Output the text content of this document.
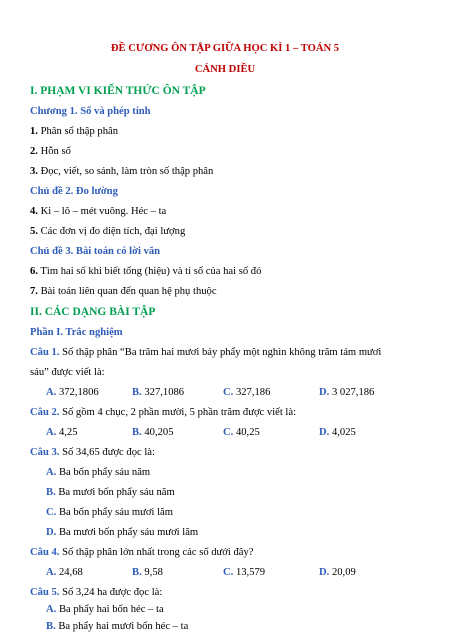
ĐỀ CƯƠNG ÔN TẬP GIỮA HỌC KÌ 1 – TOÁN 5
CÁNH DIỀU
I. PHẠM VI KIẾN THỨC ÔN TẬP
Chương 1. Số và phép tính
1. Phân số thập phân
2. Hỗn số
3. Đọc, viết, so sánh, làm tròn số thập phân
Chủ đề 2. Đo lường
4. Ki – lô – mét vuông. Héc – ta
5. Các đơn vị đo diện tích, đại lượng
Chủ đề 3. Bài toán có lời văn
6. Tìm hai số khi biết tổng (hiệu) và tỉ số của hai số đó
7. Bài toán liên quan đến quan hệ phụ thuộc
II. CÁC DẠNG BÀI TẬP
Phần I. Trắc nghiệm
Câu 1. Số thập phân “Ba trăm hai mươi bảy phẩy một nghìn không trăm tám mươi
sáu” được viết là:
A. 372,1806	B. 327,1086	C. 327,186	D. 3 027,186
Câu 2. Số gồm 4 chục, 2 phần mười, 5 phần trăm được viết là:
A. 4,25	B. 40,205	C. 40,25	D. 4,025
Câu 3. Số 34,65 được đọc là:
A. Ba bốn phẩy sáu năm
B. Ba mươi bốn phẩy sáu năm
C. Ba bốn phẩy sáu mươi lăm
D. Ba mươi bốn phẩy sáu mươi lăm
Câu 4. Số thập phân lớn nhất trong các số dưới đây?
A. 24,68	B. 9,58	C. 13,579	D. 20,09
Câu 5. Số 3,24 ha được đọc là:
A. Ba phẩy hai bốn héc – ta
B. Ba phẩy hai mươi bốn héc – ta
